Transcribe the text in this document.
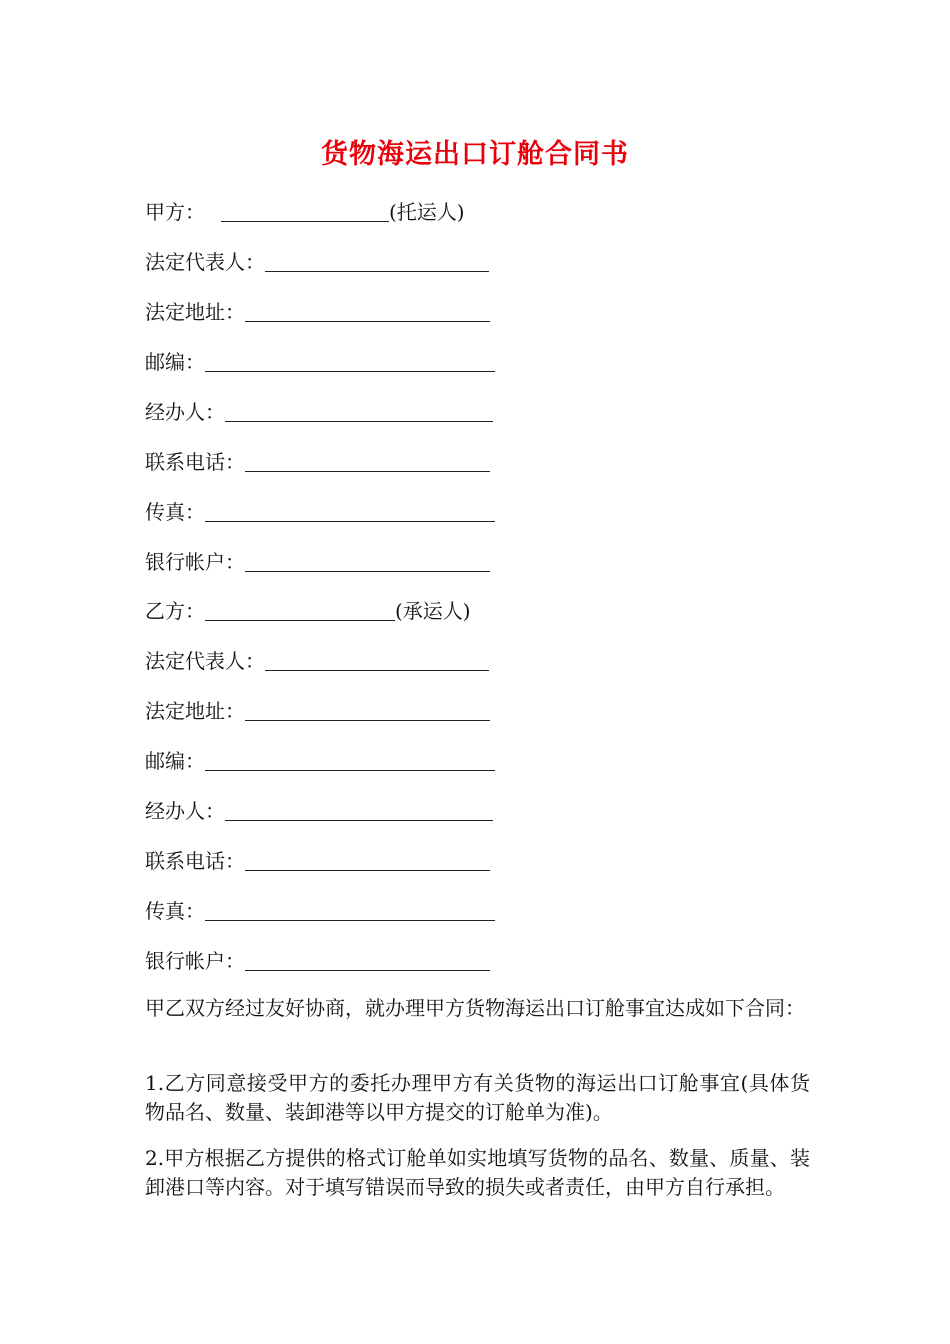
货物海运出口订舱合同书
甲方：	(托运人)
法定代表人：
法定地址：
邮编：
经办人：
联系电话：
传真：
银行帐户：
乙方：	(承运人)
法定代表人：
法定地址：
邮编：
经办人：
联系电话：
传真：
银行帐户：
甲乙双方经过友好协商，就办理甲方货物海运出口订舱事宜达成如下合同：
1.乙方同意接受甲方的委托办理甲方有关货物的海运出口订舱事宜(具体货物品名、数量、装卸港等以甲方提交的订舱单为准)。
2.甲方根据乙方提供的格式订舱单如实地填写货物的品名、数量、质量、装卸港口等内容。对于填写错误而导致的损失或者责任，由甲方自行承担。
